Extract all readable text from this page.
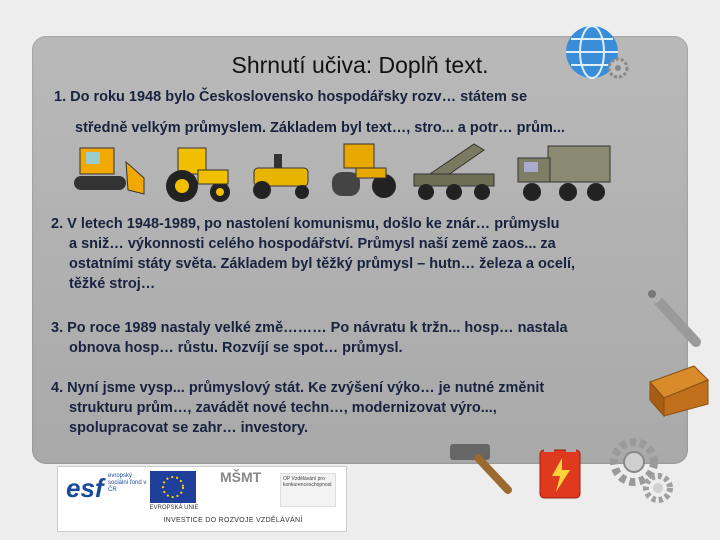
Shrnutí učiva: Doplň text.
1. Do roku 1948 bylo Československo hospodářsky rozv… státem se
středně velkým průmyslem. Základem byl text…, stro... a potr… prům...
2. V letech 1948-1989, po nastolení komunismu, došlo ke znár… průmyslu

a sniž… výkonnosti celého hospodářství. Průmysl naší země zaos... za
ostatními státy světa. Základem byl těžký průmysl – hutn… železa a ocelí,
těžké stroj…
3. Po roce 1989 nastaly velké změ……… Po návratu k tržn... hosp… nastala

obnova hosp… růstu. Rozvíjí se spot… průmysl.
4. Nyní jsme vysp... průmyslový stát. Ke zvýšení výko… je nutné změnit

strukturu prům…, zavádět nové techn…, modernizovat výro...,
spolupracovat se zahr… investory.
esf evropský sociální fond v ČR
EVROPSKÁ UNIE
MŠMT	OP Vzdělávání pro konkurenceschopnost
INVESTICE DO ROZVOJE VZDĚLÁVÁNÍ
